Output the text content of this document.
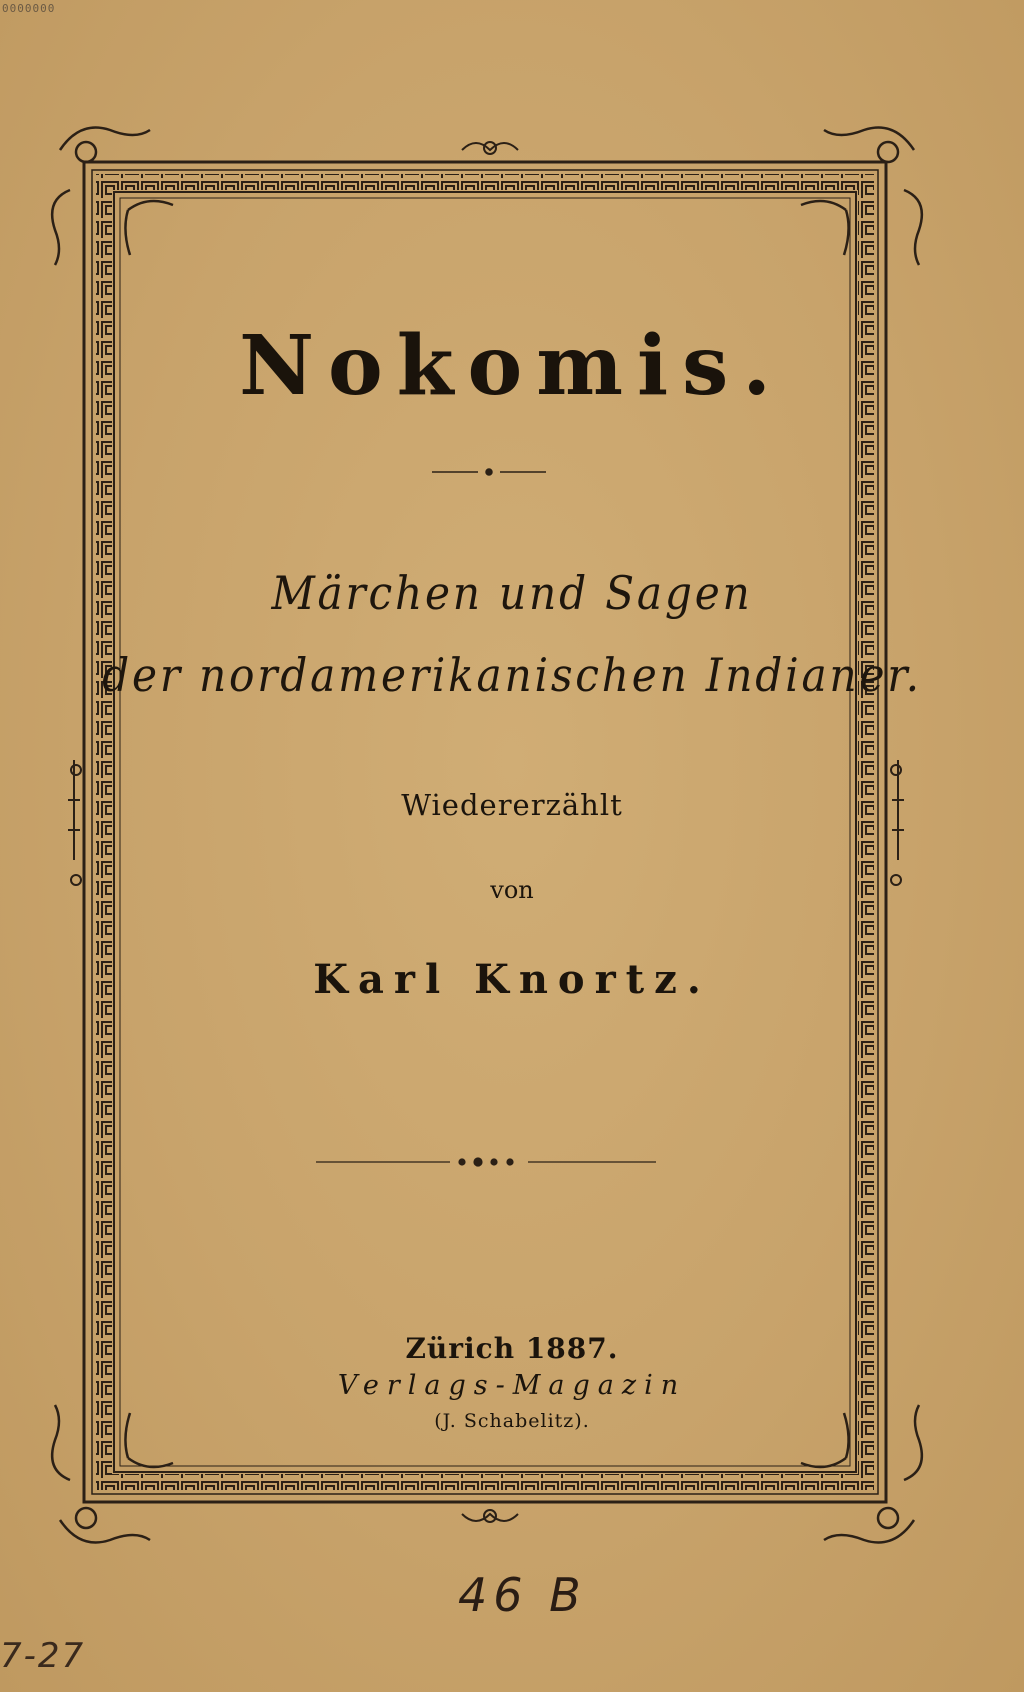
0000000
Nokomis.
Märchen und Sagen
der nordamerikanischen Indianer.
Wiedererzählt
von
Karl Knortz.
Zürich 1887.
Verlags-Magazin
(J. Schabelitz).
46 B
7-27
